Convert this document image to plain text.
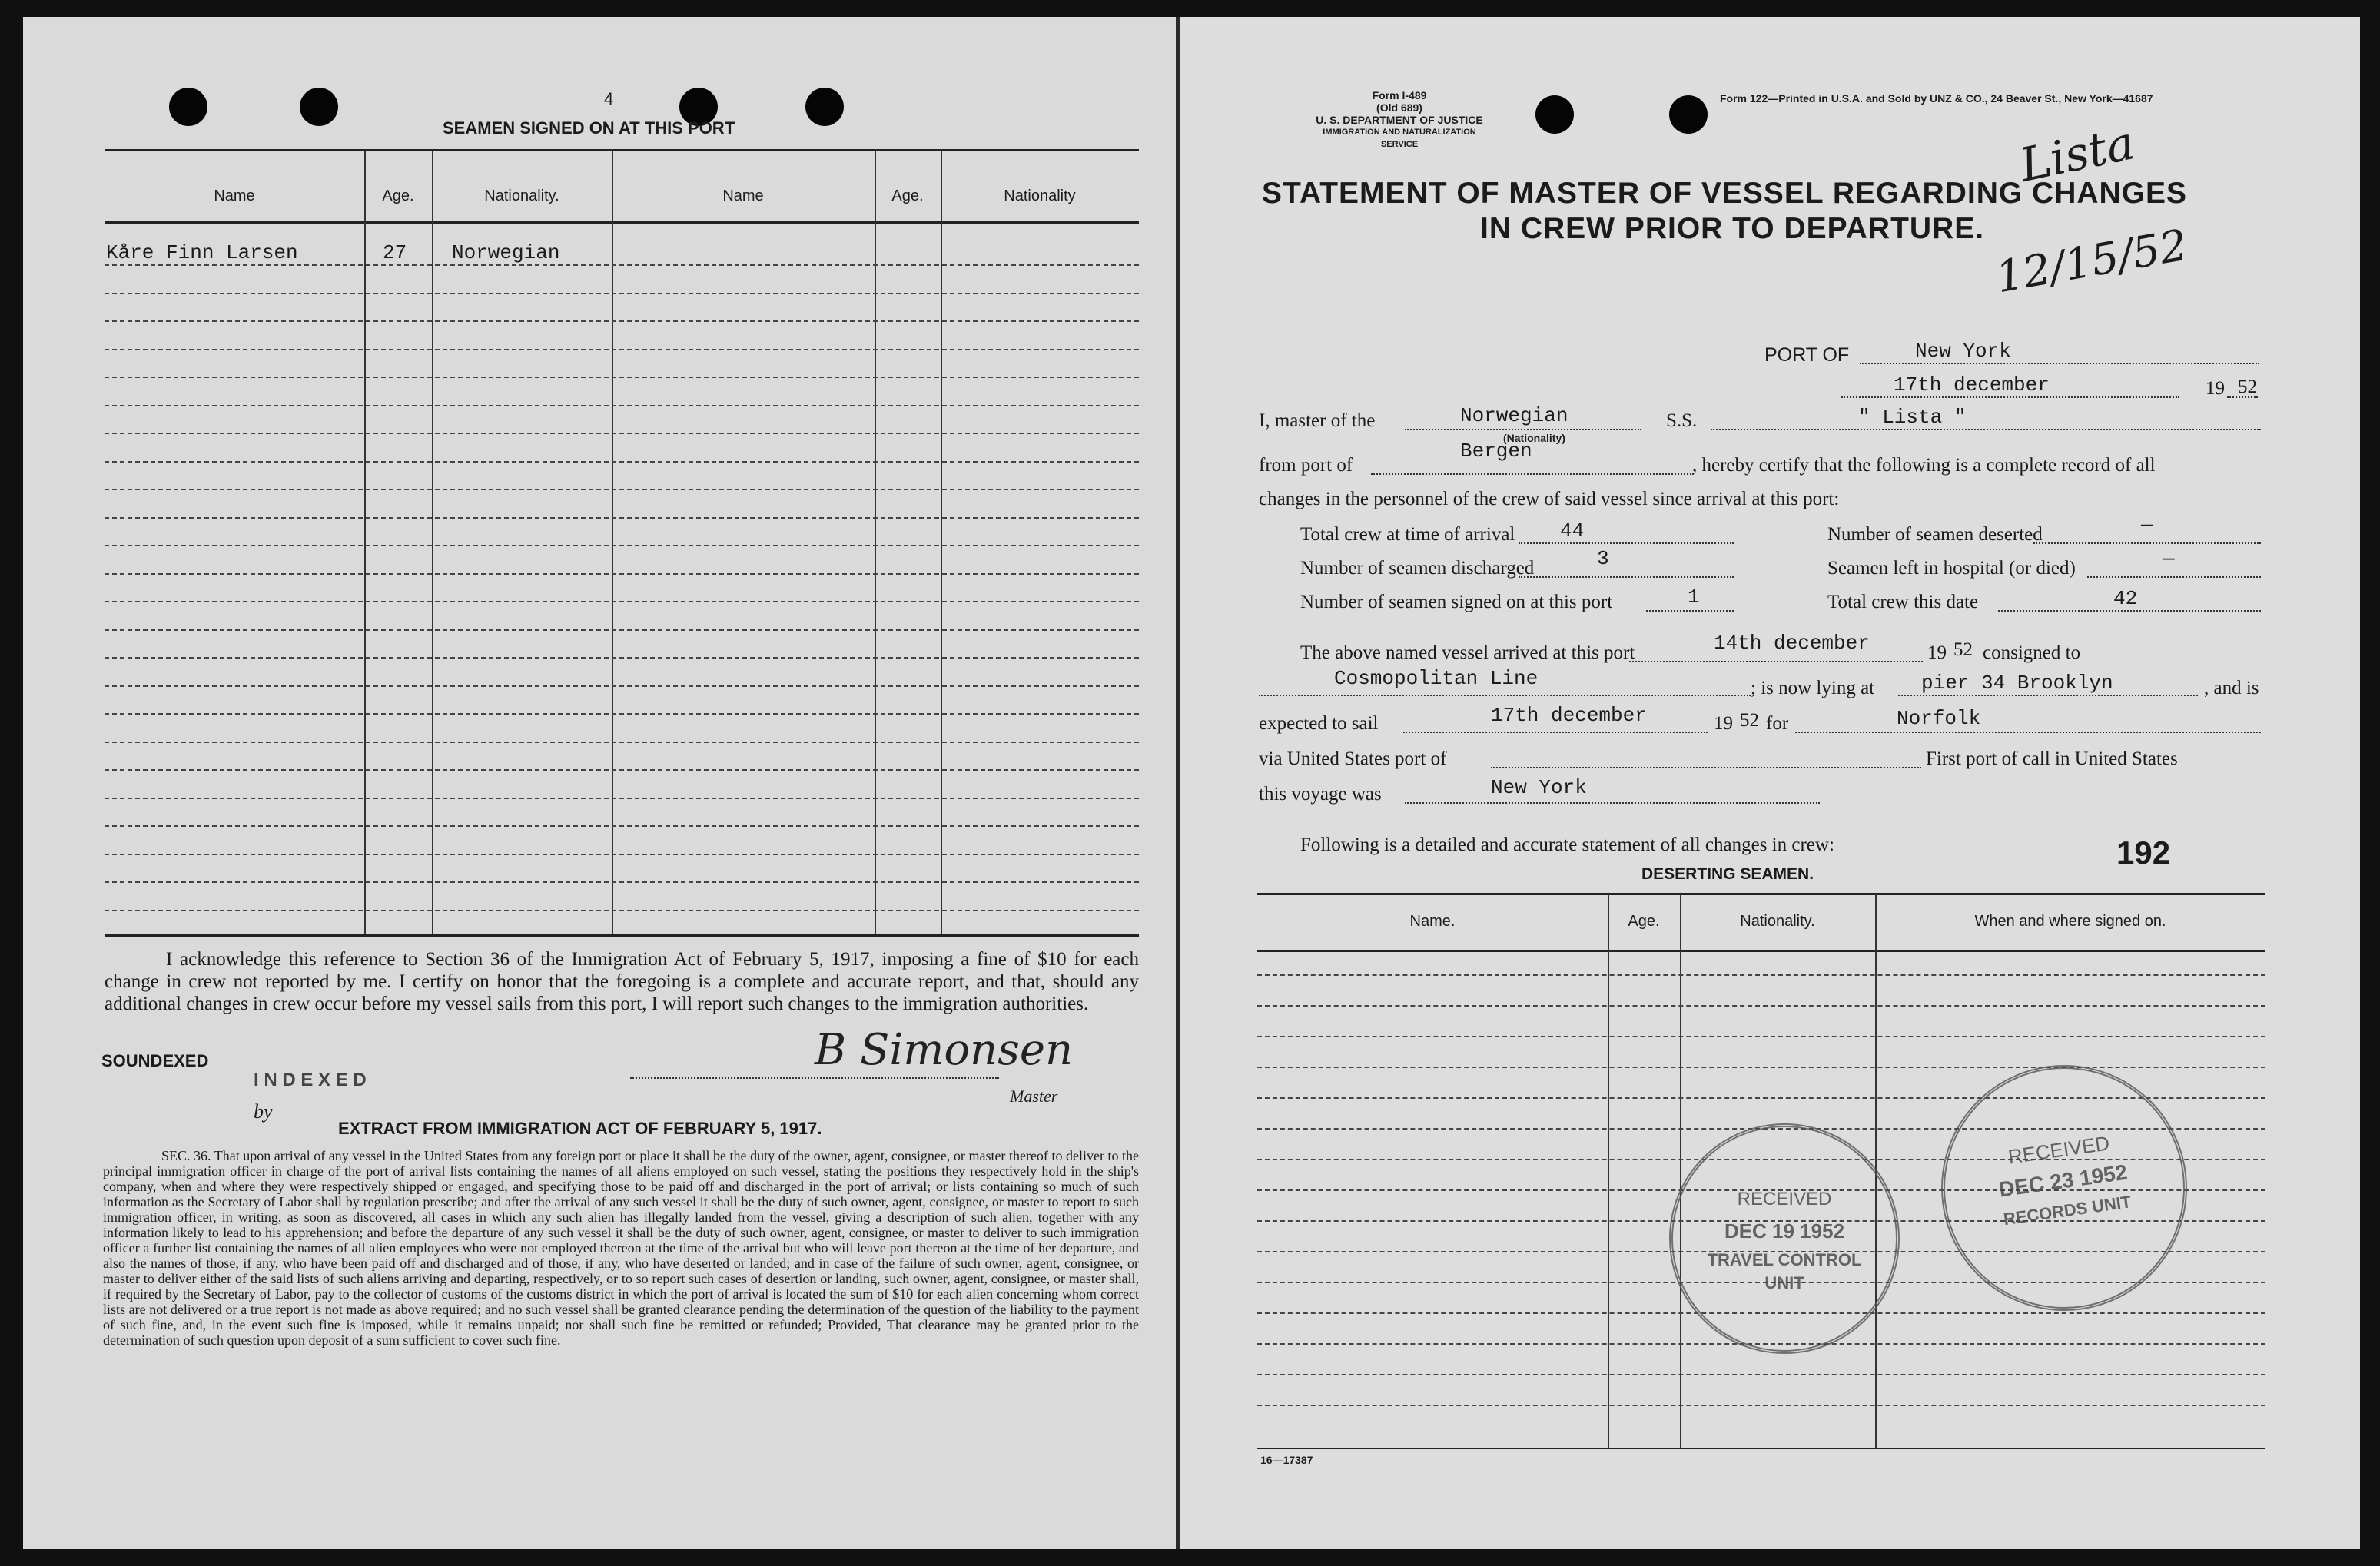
4
SEAMEN SIGNED ON AT THIS PORT
Name	Age.	Nationality.	Name	Age.	Nationality
Kåre Finn Larsen	27 Norwegian
I acknowledge this reference to Section 36 of the Immigration Act of February 5, 1917, imposing a fine of $10 for each change in crew not reported by me. I certify on honor that the foregoing is a complete and accurate report, and that, should any additional changes in crew occur before my vessel sails from this port, I will report such changes to the immigration authorities.
SOUNDEXED	B Simonsen
Master
I N D E X E D
by
EXTRACT FROM IMMIGRATION ACT OF FEBRUARY 5, 1917.
SEC. 36. That upon arrival of any vessel in the United States from any foreign port or place it shall be the duty of the owner, agent, consignee, or master thereof to deliver to the principal immigration officer in charge of the port of arrival lists containing the names of all aliens employed on such vessel, stating the positions they respectively hold in the ship's company, when and where they were respectively shipped or engaged, and specifying those to be paid off and discharged in the port of arrival; or lists containing so much of such information as the Secretary of Labor shall by regulation prescribe; and after the arrival of any such vessel it shall be the duty of such owner, agent, consignee, or master to report to such immigration officer, in writing, as soon as discovered, all cases in which any such alien has illegally landed from the vessel, giving a description of such alien, together with any information likely to lead to his apprehension; and before the departure of any such vessel it shall be the duty of such owner, agent, consignee, or master to deliver to such immigration officer a further list containing the names of all alien employees who were not employed thereon at the time of the arrival but who will leave port thereon at the time of her departure, and also the names of those, if any, who have been paid off and discharged and of those, if any, who have deserted or landed; and in case of the failure of such owner, agent, consignee, or master to deliver either of the said lists of such aliens arriving and departing, respectively, or to so report such cases of desertion or landing, such owner, agent, consignee, or master shall, if required by the Secretary of Labor, pay to the collector of customs of the customs district in which the port of arrival is located the sum of $10 for each alien concerning whom correct lists are not delivered or a true report is not made as above required; and no such vessel shall be granted clearance pending the determination of the question of the liability to the payment of such fine, and, in the event such fine is imposed, while it remains unpaid; nor shall such fine be remitted or refunded; Provided, That clearance may be granted prior to the determination of such question upon deposit of a sum sufficient to cover such fine.
Form I-489
(Old 689)
U. S. DEPARTMENT OF JUSTICE
IMMIGRATION AND NATURALIZATION SERVICE
Form 122—Printed in U.S.A. and Sold by UNZ & CO., 24 Beaver St., New York—41687
STATEMENT OF MASTER OF VESSEL REGARDING CHANGES
IN CREW PRIOR TO DEPARTURE.
Lista
12/15/52
PORT OF	New York
17th december	19 52
I, master of the	Norwegian
(Nationality)
S.S.	" Lista "
from port of
Bergen
, hereby certify that the following is a complete record of all
changes in the personnel of the crew of said vessel since arrival at this port:
Total crew at time of arrival 44
Number of seamen discharged	3
Number of seamen signed on at this port	1
Number of seamen deserted	—
Seamen left in hospital (or died)	—
Total crew this date	42
The above named vessel arrived at this port	14th december	19 52 consigned to
Cosmopolitan Line	; is now lying at pier 34 Brooklyn	, and is
expected to sail	17th december	19 52 for	Norfolk
via United States port of	First port of call in United States
this voyage was	New York
Following is a detailed and accurate statement of all changes in crew:	192
DESERTING SEAMEN.
Name.	Age.	Nationality.	When and where signed on.
16—17387
RECEIVED
DEC 19 1952
TRAVEL CONTROL
UNIT
RECEIVED
DEC 23 1952
RECORDS UNIT
